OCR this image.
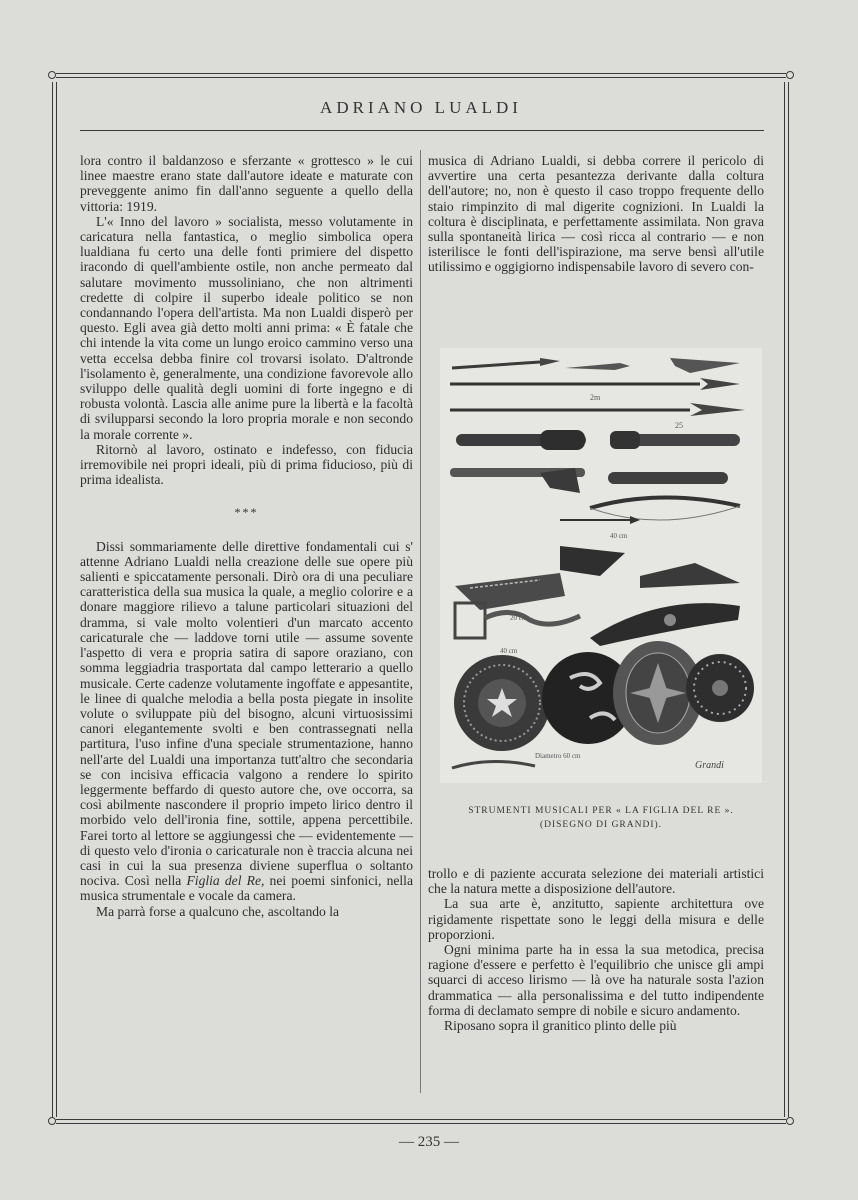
ADRIANO LUALDI

lora contro il baldanzoso e sferzante « grottesco » le cui linee maestre erano state dall'autore ideate e maturate con preveggente animo fin dall'anno seguente a quello della vittoria: 1919.

L'« Inno del lavoro » socialista, messo volutamente in caricatura nella fantastica, o meglio simbolica opera lualdiana fu certo una delle fonti primiere del dispetto iracondo di quell'ambiente ostile, non anche permeato dal salutare movimento mussoliniano, che non altrimenti credette di colpire il superbo ideale politico se non condannando l'opera dell'artista. Ma non Lualdi disperò per questo. Egli avea già detto molti anni prima: « È fatale che chi intende la vita come un lungo eroico cammino verso una vetta eccelsa debba finire col trovarsi isolato. D'altronde l'isolamento è, generalmente, una condizione favorevole allo sviluppo delle qualità degli uomini di forte ingegno e di robusta volontà. Lascia alle anime pure la libertà e la facoltà di svilupparsi secondo la loro propria morale e non secondo la morale corrente ».

Ritornò al lavoro, ostinato e indefesso, con fiducia irremovibile nei propri ideali, più di prima fiducioso, più di prima idealista.

***

Dissi sommariamente delle direttive fondamentali cui s' attenne Adriano Lualdi nella creazione delle sue opere più salienti e spiccatamente personali. Dirò ora di una peculiare caratteristica della sua musica la quale, a meglio colorire e a donare maggiore rilievo a talune particolari situazioni del dramma, si vale molto volentieri d'un marcato accento caricaturale che — laddove torni utile — assume sovente l'aspetto di vera e propria satira di sapore oraziano, con somma leggiadria trasportata dal campo letterario a quello musicale. Certe cadenze volutamente ingoffate e appesantite, le linee di qualche melodia a bella posta piegate in insolite volute o sviluppate più del bisogno, alcuni virtuosissimi canori elegantemente svolti e ben contrassegnati nella partitura, l'uso infine d'una speciale strumentazione, hanno nell'arte del Lualdi una importanza tutt'altro che secondaria se con incisiva efficacia valgono a rendere lo spirito leggermente beffardo di questo autore che, ove occorra, sa così abilmente nascondere il proprio impeto lirico dentro il morbido velo dell'ironia fine, sottile, appena percettibile. Farei torto al lettore se aggiungessi che — evidentemente — di questo velo d'ironia o caricaturale non è traccia alcuna nei casi in cui la sua presenza diviene superflua o soltanto nociva. Così nella Figlia del Re, nei poemi sinfonici, nella musica strumentale e vocale da camera.

Ma parrà forse a qualcuno che, ascoltando la

musica di Adriano Lualdi, si debba correre il pericolo di avvertire una certa pesantezza derivante dalla coltura dell'autore; no, non è questo il caso troppo frequente dello staio rimpinzito di mal digerite cognizioni. In Lualdi la coltura è disciplinata, e perfettamente assimilata. Non grava sulla spontaneità lirica — così ricca al contrario — e non isterilisce le fonti dell'ispirazione, ma serve bensì all'utile utilissimo e oggigiorno indispensabile lavoro di severo con-

2m
25
40 cm
20 cm
40 cm
Diametro 60 cm
Grandi
STRUMENTI MUSICALI PER « LA FIGLIA DEL RE ».
(DISEGNO DI GRANDI).

trollo e di paziente accurata selezione dei materiali artistici che la natura mette a disposizione dell'autore.

La sua arte è, anzitutto, sapiente architettura ove rigidamente rispettate sono le leggi della misura e delle proporzioni.

Ogni minima parte ha in essa la sua metodica, precisa ragione d'essere e perfetto è l'equilibrio che unisce gli ampi squarci di acceso lirismo — là ove ha naturale sosta l'azion drammatica — alla personalissima e del tutto indipendente forma di declamato sempre di nobile e sicuro andamento.

Riposano sopra il granitico plinto delle più

— 235 —
